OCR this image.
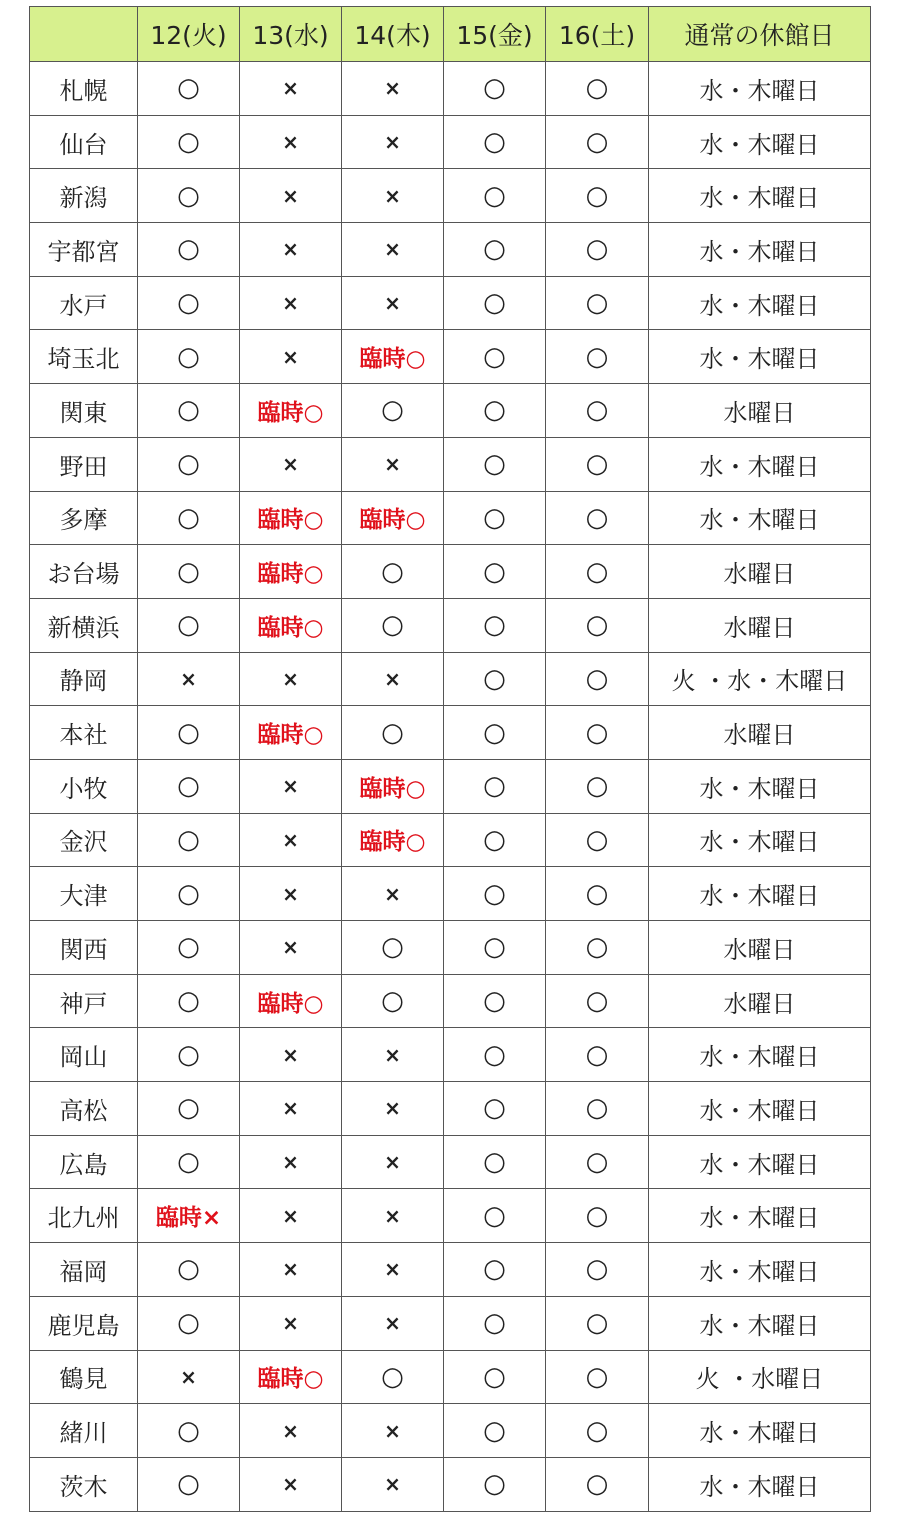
	12(火)	13(水)	14(木)	15(金)	16(土)	通常の休館日
札幌	○	×	×	○	○	水・木曜日
仙台	○	×	×	○	○	水・木曜日
新潟	○	×	×	○	○	水・木曜日
宇都宮	○	×	×	○	○	水・木曜日
水戸	○	×	×	○	○	水・木曜日
埼玉北	○	×	臨時○	○	○	水・木曜日
関東	○	臨時○	○	○	○	水曜日
野田	○	×	×	○	○	水・木曜日
多摩	○	臨時○	臨時○	○	○	水・木曜日
お台場	○	臨時○	○	○	○	水曜日
新横浜	○	臨時○	○	○	○	水曜日
静岡	×	×	×	○	○	火 ・水・木曜日
本社	○	臨時○	○	○	○	水曜日
小牧	○	×	臨時○	○	○	水・木曜日
金沢	○	×	臨時○	○	○	水・木曜日
大津	○	×	×	○	○	水・木曜日
関西	○	×	○	○	○	水曜日
神戸	○	臨時○	○	○	○	水曜日
岡山	○	×	×	○	○	水・木曜日
高松	○	×	×	○	○	水・木曜日
広島	○	×	×	○	○	水・木曜日
北九州	臨時×	×	×	○	○	水・木曜日
福岡	○	×	×	○	○	水・木曜日
鹿児島	○	×	×	○	○	水・木曜日
鶴見	×	臨時○	○	○	○	火 ・水曜日
緒川	○	×	×	○	○	水・木曜日
茨木	○	×	×	○	○	水・木曜日
